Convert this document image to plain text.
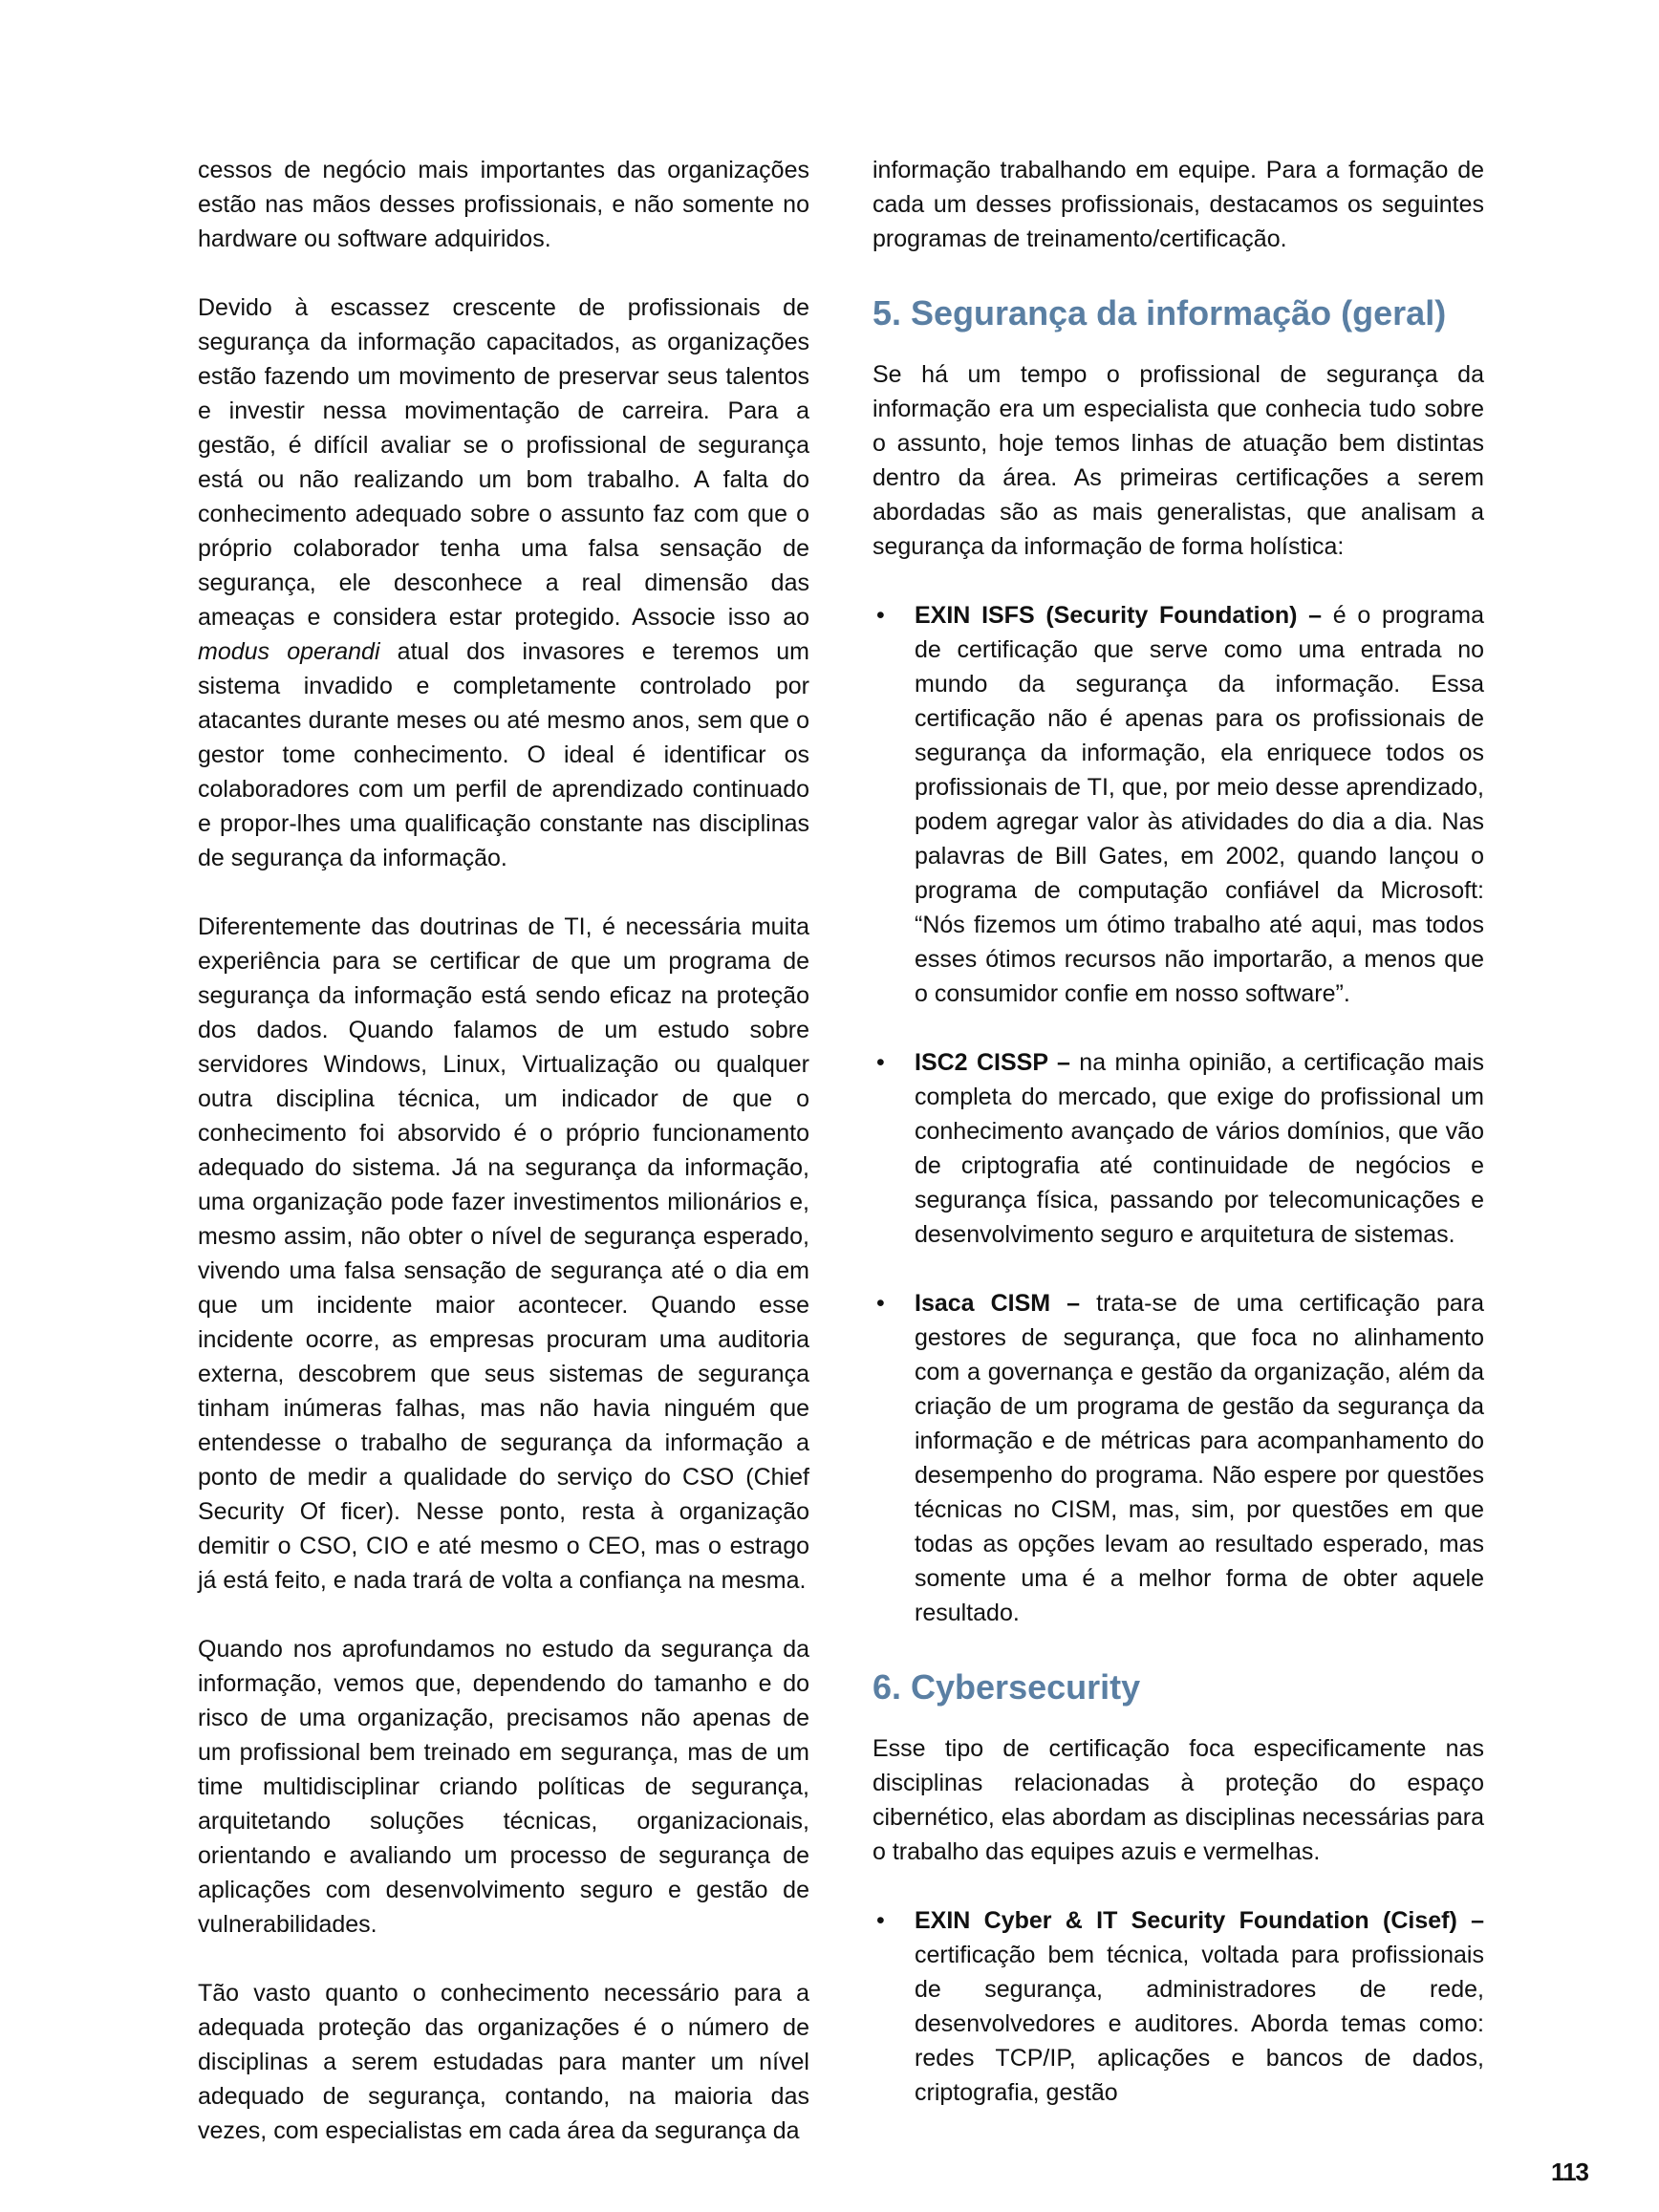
cessos de negócio mais importantes das organizações estão nas mãos desses profissionais, e não somente no hardware ou software adquiridos.

Devido à escassez crescente de profissionais de segurança da informação capacitados, as organizações estão fazendo um movimento de preservar seus talentos e investir nessa movimentação de carreira. Para a gestão, é difícil avaliar se o profissional de segurança está ou não realizando um bom trabalho. A falta do conhecimento adequado sobre o assunto faz com que o próprio colaborador tenha uma falsa sensação de segurança, ele desconhece a real dimensão das ameaças e considera estar protegido. Associe isso ao modus operandi atual dos invasores e teremos um sistema invadido e completamente controlado por atacantes durante meses ou até mesmo anos, sem que o gestor tome conhecimento. O ideal é identificar os colaboradores com um perfil de aprendizado continuado e propor-lhes uma qualificação constante nas disciplinas de segurança da informação.

Diferentemente das doutrinas de TI, é necessária muita experiência para se certificar de que um programa de segurança da informação está sendo eficaz na proteção dos dados. Quando falamos de um estudo sobre servidores Windows, Linux, Virtualização ou qualquer outra disciplina técnica, um indicador de que o conhecimento foi absorvido é o próprio funcionamento adequado do sistema. Já na segurança da informação, uma organização pode fazer investimentos milionários e, mesmo assim, não obter o nível de segurança esperado, vivendo uma falsa sensação de segurança até o dia em que um incidente maior acontecer. Quando esse incidente ocorre, as empresas procuram uma auditoria externa, descobrem que seus sistemas de segurança tinham inúmeras falhas, mas não havia ninguém que entendesse o trabalho de segurança da informação a ponto de medir a qualidade do serviço do CSO (Chief Security Of ficer). Nesse ponto, resta à organização demitir o CSO, CIO e até mesmo o CEO, mas o estrago já está feito, e nada trará de volta a confiança na mesma.

Quando nos aprofundamos no estudo da segurança da informação, vemos que, dependendo do tamanho e do risco de uma organização, precisamos não apenas de um profissional bem treinado em segurança, mas de um time multidisciplinar criando políticas de segurança, arquitetando soluções técnicas, organizacionais, orientando e avaliando um processo de segurança de aplicações com desenvolvimento seguro e gestão de vulnerabilidades.

Tão vasto quanto o conhecimento necessário para a adequada proteção das organizações é o número de disciplinas a serem estudadas para manter um nível adequado de segurança, contando, na maioria das vezes, com especialistas em cada área da segurança da

informação trabalhando em equipe. Para a formação de cada um desses profissionais, destacamos os seguintes programas de treinamento/certificação.

5. Segurança da informação (geral)

Se há um tempo o profissional de segurança da informação era um especialista que conhecia tudo sobre o assunto, hoje temos linhas de atuação bem distintas dentro da área. As primeiras certificações a serem abordadas são as mais generalistas, que analisam a segurança da informação de forma holística:

• EXIN ISFS (Security Foundation) – é o programa de certificação que serve como uma entrada no mundo da segurança da informação. Essa certificação não é apenas para os profissionais de segurança da informação, ela enriquece todos os profissionais de TI, que, por meio desse aprendizado, podem agregar valor às atividades do dia a dia. Nas palavras de Bill Gates, em 2002, quando lançou o programa de computação confiável da Microsoft: “Nós fizemos um ótimo trabalho até aqui, mas todos esses ótimos recursos não importarão, a menos que o consumidor confie em nosso software”.
• ISC2 CISSP – na minha opinião, a certificação mais completa do mercado, que exige do profissional um conhecimento avançado de vários domínios, que vão de criptografia até continuidade de negócios e segurança física, passando por telecomunicações e desenvolvimento seguro e arquitetura de sistemas.
• Isaca CISM – trata-se de uma certificação para gestores de segurança, que foca no alinhamento com a governança e gestão da organização, além da criação de um programa de gestão da segurança da informação e de métricas para acompanhamento do desempenho do programa. Não espere por questões técnicas no CISM, mas, sim, por questões em que todas as opções levam ao resultado esperado, mas somente uma é a melhor forma de obter aquele resultado.
6. Cybersecurity

Esse tipo de certificação foca especificamente nas disciplinas relacionadas à proteção do espaço cibernético, elas abordam as disciplinas necessárias para o trabalho das equipes azuis e vermelhas.

• EXIN Cyber & IT Security Foundation (Cisef) – certificação bem técnica, voltada para profissionais de segurança, administradores de rede, desenvolvedores e auditores. Aborda temas como: redes TCP/IP, aplicações e bancos de dados, criptografia, gestão
113
